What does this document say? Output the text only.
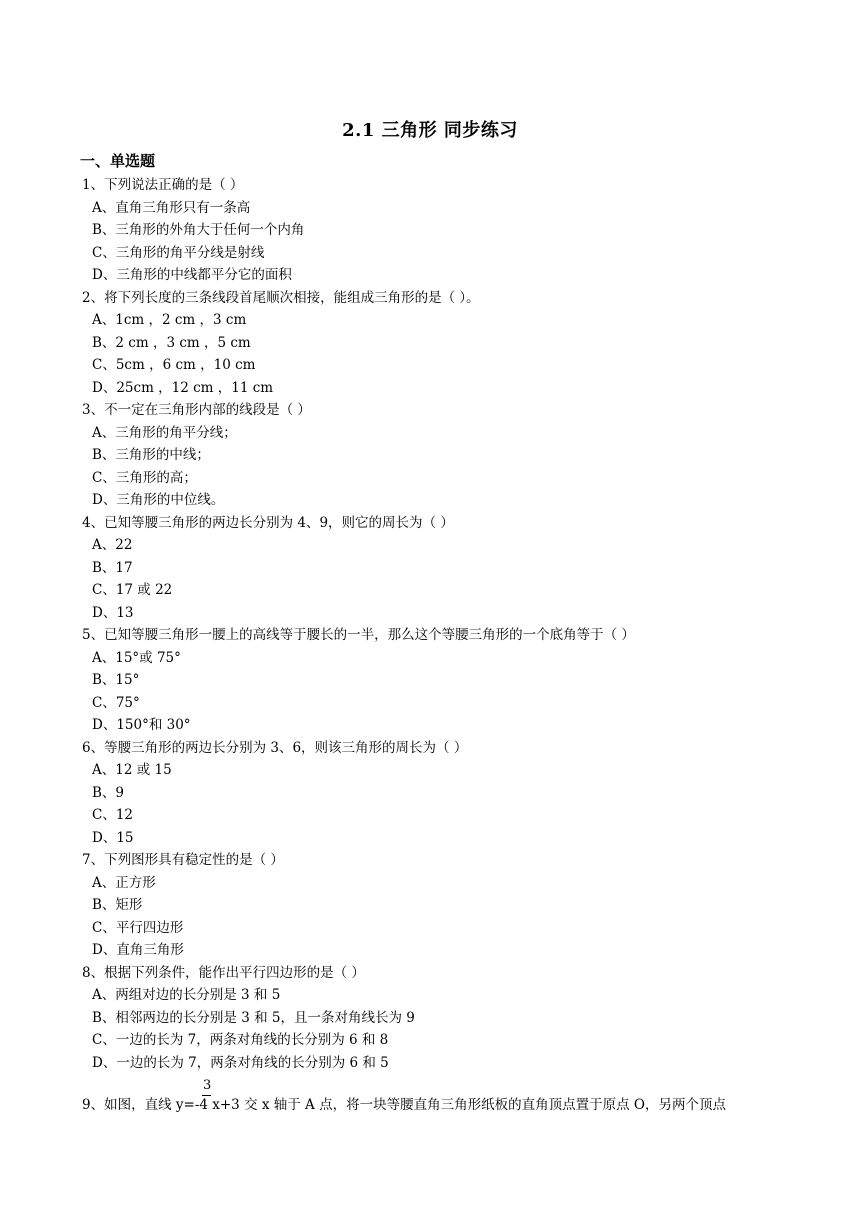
2.1 三角形 同步练习
一、单选题
1、下列说法正确的是（ ）
A、直角三角形只有一条高
B、三角形的外角大于任何一个内角
C、三角形的角平分线是射线
D、三角形的中线都平分它的面积
2、将下列长度的三条线段首尾顺次相接，能组成三角形的是（ ）。
A、1cm ，2 cm ，3 cm
B、2 cm ，3 cm ，5 cm
C、5cm ，6 cm ，10 cm
D、25cm ，12 cm ，11 cm
3、不一定在三角形内部的线段是（ ）
A、三角形的角平分线；
B、三角形的中线；
C、三角形的高；
D、三角形的中位线。
4、已知等腰三角形的两边长分别为 4、9，则它的周长为（ ）
A、22
B、17
C、17 或 22
D、13
5、已知等腰三角形一腰上的高线等于腰长的一半，那么这个等腰三角形的一个底角等于（ ）
A、15°或 75°
B、15°
C、75°
D、150°和 30°
6、等腰三角形的两边长分别为 3、6，则该三角形的周长为（ ）
A、12 或 15
B、9
C、12
D、15
7、下列图形具有稳定性的是（ ）
A、正方形
B、矩形
C、平行四边形
D、直角三角形
8、根据下列条件，能作出平行四边形的是（ ）
A、两组对边的长分别是 3 和 5
B、相邻两边的长分别是 3 和 5，且一条对角线长为 9
C、一边的长为 7，两条对角线的长分别为 6 和 8
D、一边的长为 7，两条对角线的长分别为 6 和 5
3
9、如图，直线 y=-4 x+3 交 x 轴于 A 点，将一块等腰直角三角形纸板的直角顶点置于原点 O，另两个顶点
